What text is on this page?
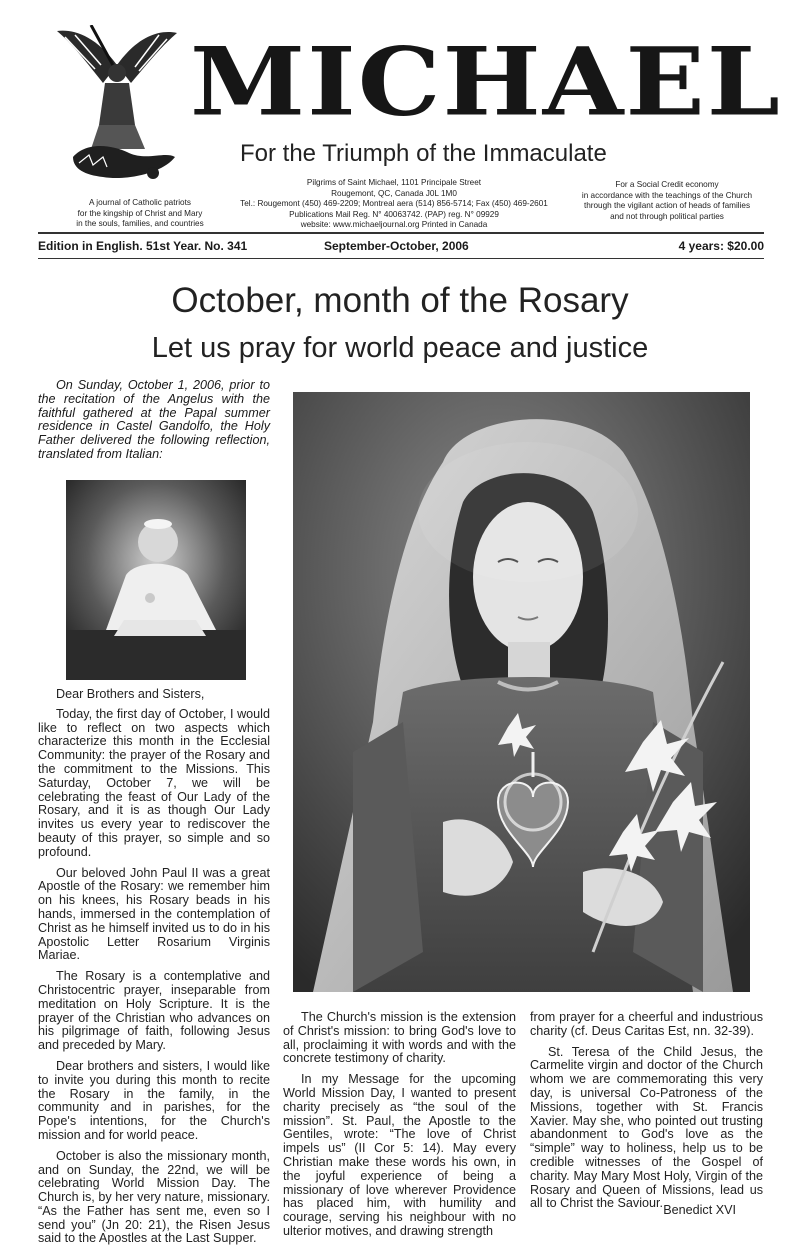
MICHAEL
For the Triumph of the Immaculate
A journal of Catholic patriots
for the kingship of Christ and Mary
in the souls, families, and countries
Pilgrims of Saint Michael, 1101 Principale Street
Rougemont, QC, Canada J0L 1M0
Tel.: Rougemont (450) 469-2209; Montreal aera (514) 856-5714; Fax (450) 469-2601
Publications Mail Reg. N° 40063742. (PAP) reg. N° 09929
website: www.michaeljournal.org Printed in Canada
For a Social Credit economy
in accordance with the teachings of the Church
through the vigilant action of heads of families
and not through political parties
Edition in English. 51st Year. No. 341	September-October, 2006	4 years: $20.00
October, month of the Rosary
Let us pray for world peace and justice

On Sunday, October 1, 2006, prior to the recitation of the Angelus with the faithful gathered at the Papal summer residence in Castel Gandolfo, the Holy Father delivered the following reflection, translated from Italian:

Dear Brothers and Sisters,

Today, the first day of October, I would like to reflect on two aspects which characterize this month in the Ecclesial Community: the prayer of the Rosary and the commitment to the Missions. This Saturday, October 7, we will be celebrating the feast of Our Lady of the Rosary, and it is as though Our Lady invites us every year to rediscover the beauty of this prayer, so simple and so profound.

Our beloved John Paul II was a great Apostle of the Rosary: we remember him on his knees, his Rosary beads in his hands, immersed in the contemplation of Christ as he himself invited us to do in his Apostolic Letter Rosarium Virginis Mariae.

The Rosary is a contemplative and Christocentric prayer, inseparable from meditation on Holy Scripture. It is the prayer of the Christian who advances on his pilgrimage of faith, following Jesus and preceded by Mary.

Dear brothers and sisters, I would like to invite you during this month to recite the Rosary in the family, in the community and in parishes, for the Pope's intentions, for the Church's mission and for world peace.

October is also the missionary month, and on Sunday, the 22nd, we will be celebrating World Mission Day. The Church is, by her very nature, missionary. “As the Father has sent me, even so I send you” (Jn 20: 21), the Risen Jesus said to the Apostles at the Last Supper.

The Church's mission is the extension of Christ's mission: to bring God's love to all, proclaiming it with words and with the concrete testimony of charity.

In my Message for the upcoming World Mission Day, I wanted to present charity precisely as “the soul of the mission”. St. Paul, the Apostle to the Gentiles, wrote: “The love of Christ impels us” (II Cor 5: 14). May every Christian make these words his own, in the joyful experience of being a missionary of love wherever Providence has placed him, with humility and courage, serving his neighbour with no ulterior motives, and drawing strength

from prayer for a cheerful and industrious charity (cf. Deus Caritas Est, nn. 32-39).

St. Teresa of the Child Jesus, the Carmelite virgin and doctor of the Church whom we are commemorating this very day, is universal Co-Patroness of the Missions, together with St. Francis Xavier. May she, who pointed out trusting abandonment to God's love as the “simple” way to holiness, help us to be credible witnesses of the Gospel of charity. May Mary Most Holy, Virgin of the Rosary and Queen of Missions, lead us all to Christ the Saviour. Benedict XVI
